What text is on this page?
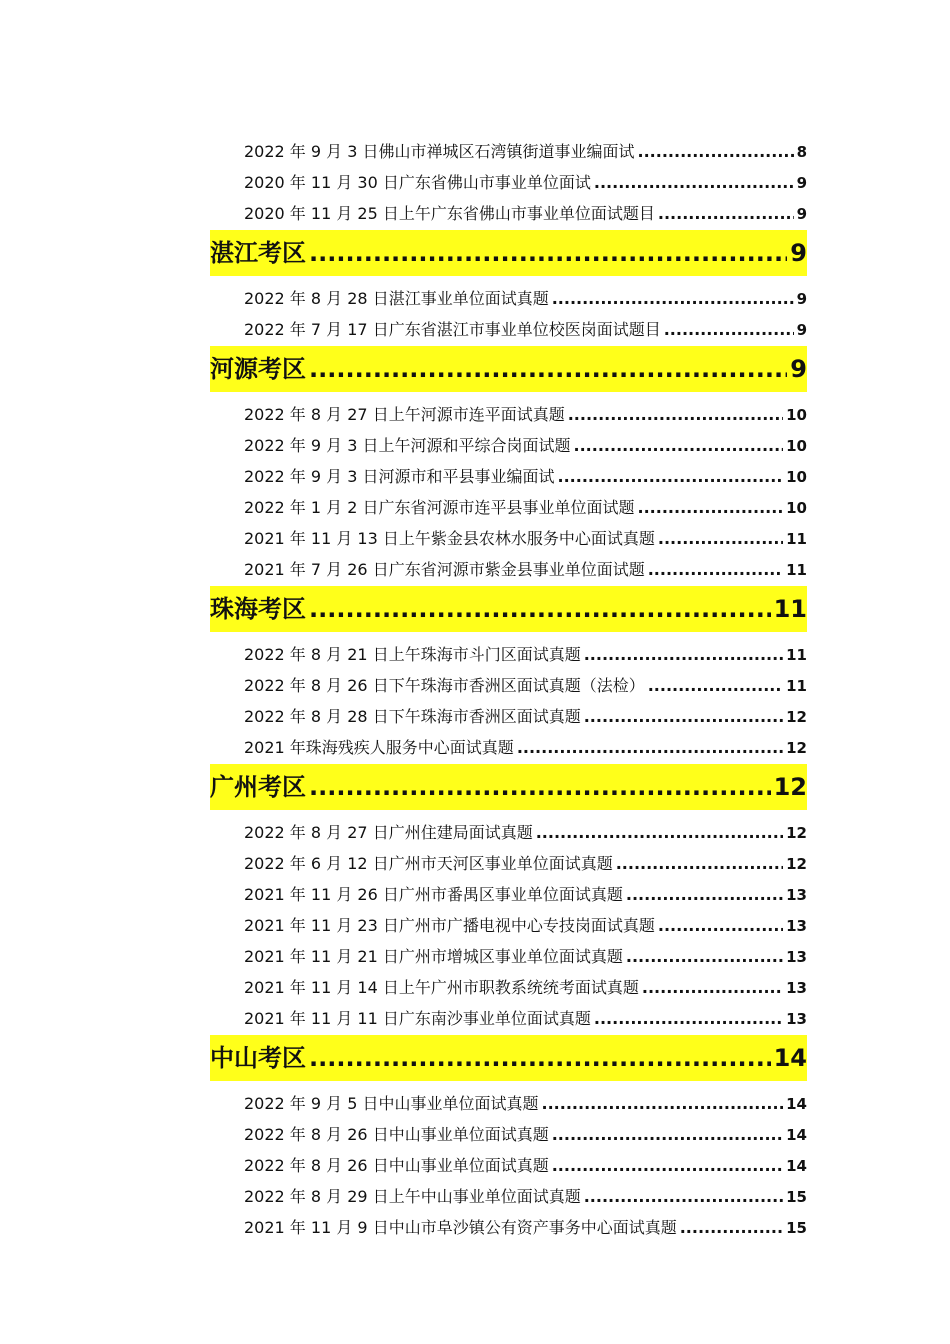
2022 年 9 月 3 日佛山市禅城区石湾镇街道事业编面试 .....	8
2020 年 11 月 30 日广东省佛山市事业单位面试 .....	9
2020 年 11 月 25 日上午广东省佛山市事业单位面试题目 .....	9
湛江考区 .....	9
2022 年 8 月 28 日湛江事业单位面试真题 .....	9
2022 年 7 月 17 日广东省湛江市事业单位校医岗面试题目 .....	9
河源考区 .....	9
2022 年 8 月 27 日上午河源市连平面试真题 .....	10
2022 年 9 月 3 日上午河源和平综合岗面试题 .....	10
2022 年 9 月 3 日河源市和平县事业编面试 .....	10
2022 年 1 月 2 日广东省河源市连平县事业单位面试题 .....	10
2021 年 11 月 13 日上午紫金县农林水服务中心面试真题 .....	11
2021 年 7 月 26 日广东省河源市紫金县事业单位面试题 .....	11
珠海考区 .....	11
2022 年 8 月 21 日上午珠海市斗门区面试真题 .....	11
2022 年 8 月 26 日下午珠海市香洲区面试真题（法检） .....	11
2022 年 8 月 28 日下午珠海市香洲区面试真题 .....	12
2021 年珠海残疾人服务中心面试真题 .....	12
广州考区 .....	12
2022 年 8 月 27 日广州住建局面试真题 .....	12
2022 年 6 月 12 日广州市天河区事业单位面试真题 .....	12
2021 年 11 月 26 日广州市番禺区事业单位面试真题 .....	13
2021 年 11 月 23 日广州市广播电视中心专技岗面试真题 .....	13
2021 年 11 月 21 日广州市增城区事业单位面试真题 .....	13
2021 年 11 月 14 日上午广州市职教系统统考面试真题 .....	13
2021 年 11 月 11 日广东南沙事业单位面试真题 .....	13
中山考区 .....	14
2022 年 9 月 5 日中山事业单位面试真题 .....	14
2022 年 8 月 26 日中山事业单位面试真题 .....	14
2022 年 8 月 26 日中山事业单位面试真题 .....	14
2022 年 8 月 29 日上午中山事业单位面试真题 .....	15
2021 年 11 月 9 日中山市阜沙镇公有资产事务中心面试真题 .....	15
